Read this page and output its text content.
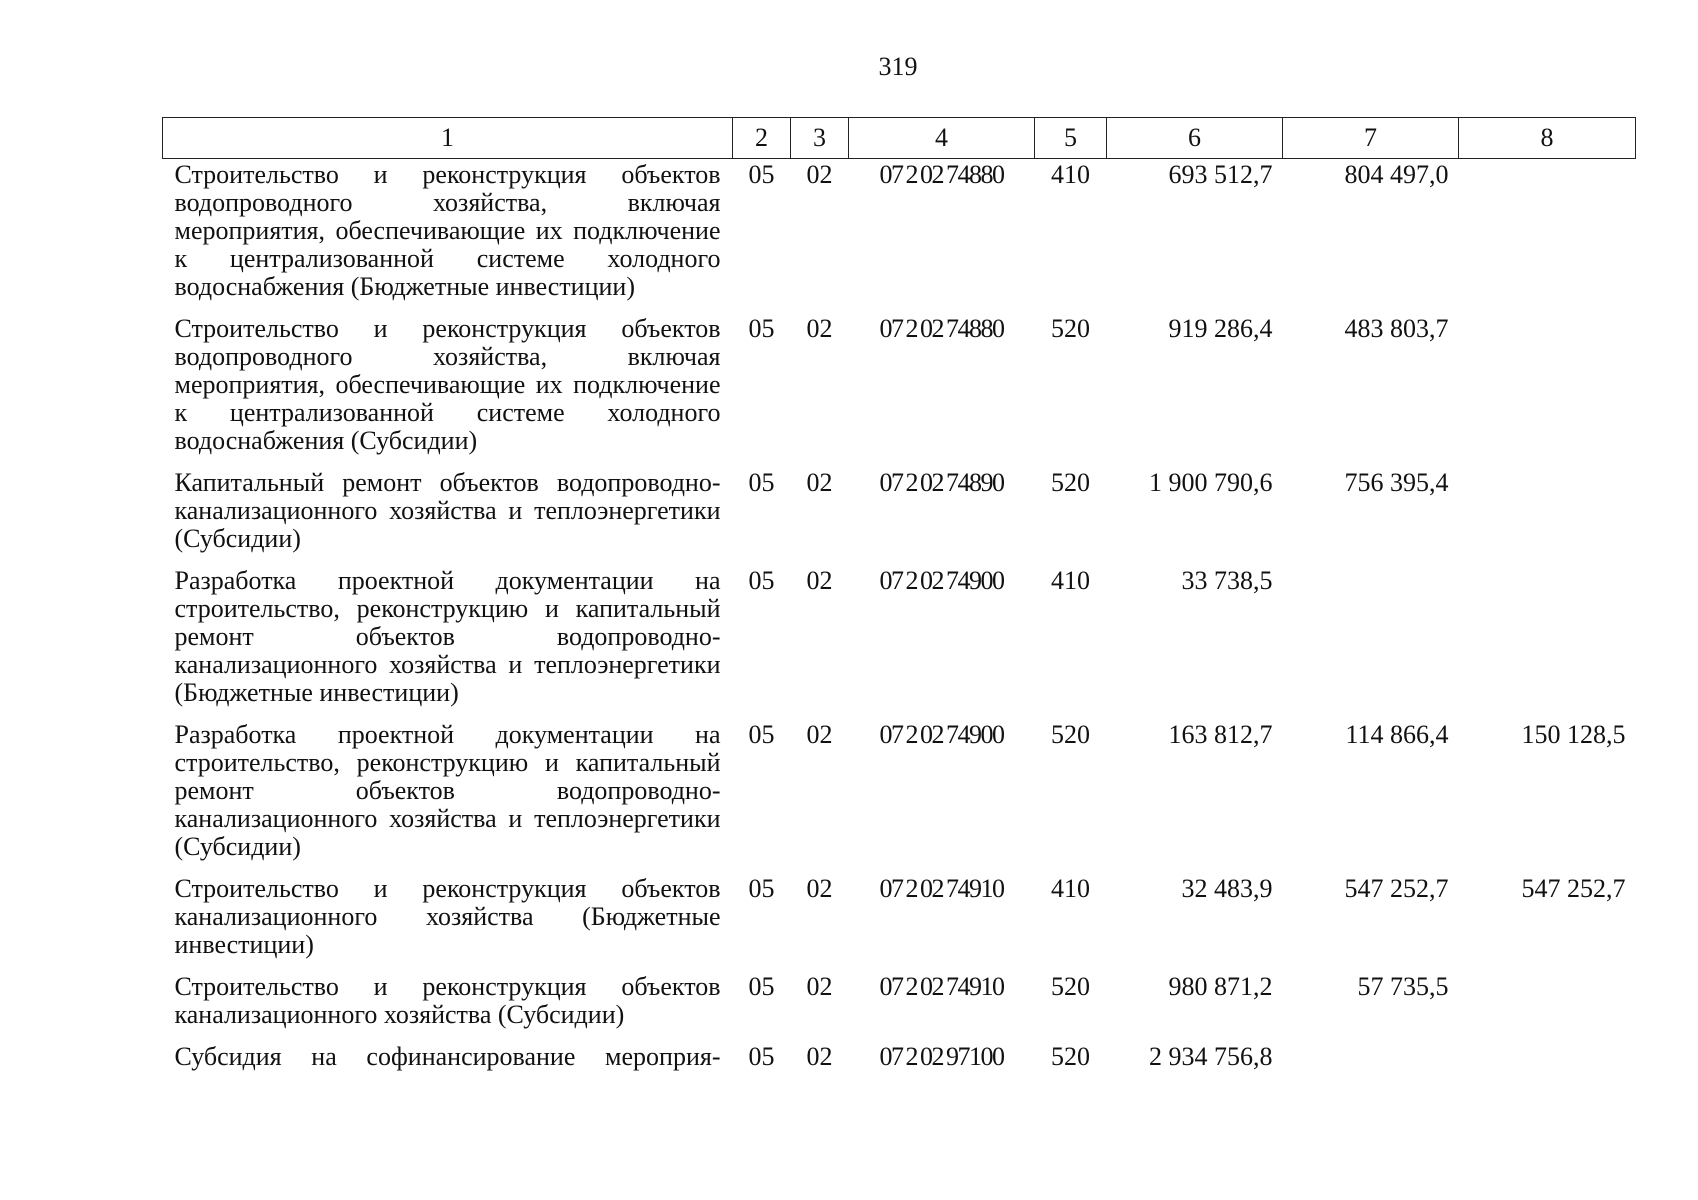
319
1	2	3	4	5	6	7	8
Строительство и реконструкция объектов водопроводного хозяйства, включая мероприятия, обеспечивающие их подключение к централизованной системе холодного водоснабжения (Бюджетные инвестиции)	05	02	07 2 02 74880	410	693 512,7	804 497,0	
Строительство и реконструкция объектов водопроводного хозяйства, включая мероприятия, обеспечивающие их подключение к централизованной системе холодного водоснабжения (Субсидии)	05	02	07 2 02 74880	520	919 286,4	483 803,7	
Капитальный ремонт объектов водопроводно-канализационного хозяйства и теплоэнергетики (Субсидии)	05	02	07 2 02 74890	520	1 900 790,6	756 395,4	
Разработка проектной документации на строительство, реконструкцию и капитальный ремонт объектов водопроводно-канализационного хозяйства и теплоэнергетики (Бюджетные инвестиции)	05	02	07 2 02 74900	410	33 738,5		
Разработка проектной документации на строительство, реконструкцию и капитальный ремонт объектов водопроводно-канализационного хозяйства и теплоэнергетики (Субсидии)	05	02	07 2 02 74900	520	163 812,7	114 866,4	150 128,5
Строительство и реконструкция объектов канализационного хозяйства (Бюджетные инвестиции)	05	02	07 2 02 74910	410	32 483,9	547 252,7	547 252,7
Строительство и реконструкция объектов канализационного хозяйства (Субсидии)	05	02	07 2 02 74910	520	980 871,2	57 735,5	
Субсидия на софинансирование мероприя-	05	02	07 2 02 97100	520	2 934 756,8		
